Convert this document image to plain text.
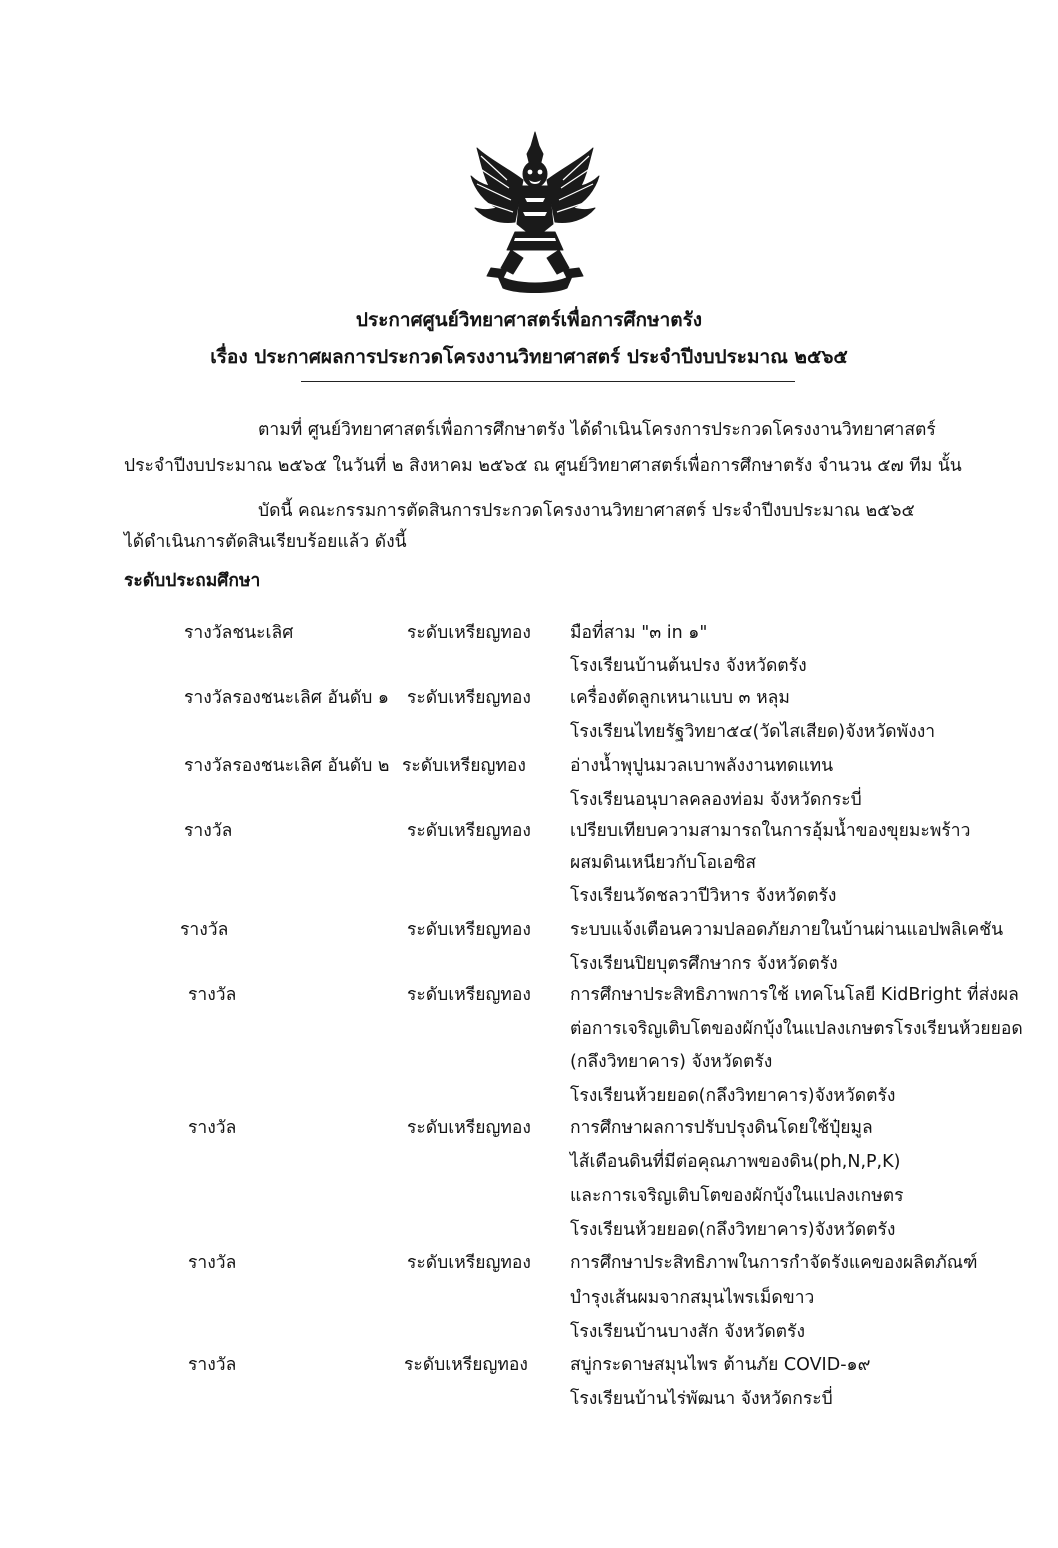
ประกาศศูนย์วิทยาศาสตร์เพื่อการศึกษาตรัง
เรื่อง ประกาศผลการประกวดโครงงานวิทยาศาสตร์ ประจำปีงบประมาณ ๒๕๖๕
ตามที่ ศูนย์วิทยาศาสตร์เพื่อการศึกษาตรัง ได้ดำเนินโครงการประกวดโครงงานวิทยาศาสตร์
ประจำปีงบประมาณ ๒๕๖๕ ในวันที่ ๒ สิงหาคม ๒๕๖๕ ณ ศูนย์วิทยาศาสตร์เพื่อการศึกษาตรัง จำนวน ๕๗ ทีม นั้น
บัดนี้ คณะกรรมการตัดสินการประกวดโครงงานวิทยาศาสตร์ ประจำปีงบประมาณ ๒๕๖๕
ได้ดำเนินการตัดสินเรียบร้อยแล้ว ดังนี้
ระดับประถมศึกษา
รางวัลชนะเลิศ	ระดับเหรียญทอง มือที่สาม "๓ in ๑"
โรงเรียนบ้านต้นปรง จังหวัดตรัง
รางวัลรองชนะเลิศ อันดับ ๑ ระดับเหรียญทอง เครื่องตัดลูกเหนาแบบ ๓ หลุม
โรงเรียนไทยรัฐวิทยา๕๔(วัดไสเสียด)จังหวัดพังงา
รางวัลรองชนะเลิศ อันดับ ๒ ระดับเหรียญทอง	อ่างน้ำพุปูนมวลเบาพลังงานทดแทน
โรงเรียนอนุบาลคลองท่อม จังหวัดกระบี่
รางวัล	ระดับเหรียญทอง เปรียบเทียบความสามารถในการอุ้มน้ำของขุยมะพร้าว
ผสมดินเหนียวกับโอเอซิส
โรงเรียนวัดชลวาปีวิหาร จังหวัดตรัง
รางวัล	ระดับเหรียญทอง ระบบแจ้งเตือนความปลอดภัยภายในบ้านผ่านแอปพลิเคชัน
โรงเรียนปิยบุตรศึกษากร จังหวัดตรัง
รางวัล	ระดับเหรียญทอง การศึกษาประสิทธิภาพการใช้ เทคโนโลยี KidBright ที่ส่งผล
ต่อการเจริญเติบโตของผักบุ้งในแปลงเกษตรโรงเรียนห้วยยอด
(กลึงวิทยาคาร) จังหวัดตรัง
โรงเรียนห้วยยอด(กลึงวิทยาคาร)จังหวัดตรัง
รางวัล	ระดับเหรียญทอง การศึกษาผลการปรับปรุงดินโดยใช้ปุ๋ยมูล
ไส้เดือนดินที่มีต่อคุณภาพของดิน(ph,N,P,K)
และการเจริญเติบโตของผักบุ้งในแปลงเกษตร
โรงเรียนห้วยยอด(กลึงวิทยาคาร)จังหวัดตรัง
รางวัล	ระดับเหรียญทอง การศึกษาประสิทธิภาพในการกำจัดรังแคของผลิตภัณฑ์
บำรุงเส้นผมจากสมุนไพรเม็ดขาว
โรงเรียนบ้านบางสัก จังหวัดตรัง
รางวัล	ระดับเหรียญทอง สบู่กระดาษสมุนไพร ต้านภัย COVID-๑๙
โรงเรียนบ้านไร่พัฒนา จังหวัดกระบี่
